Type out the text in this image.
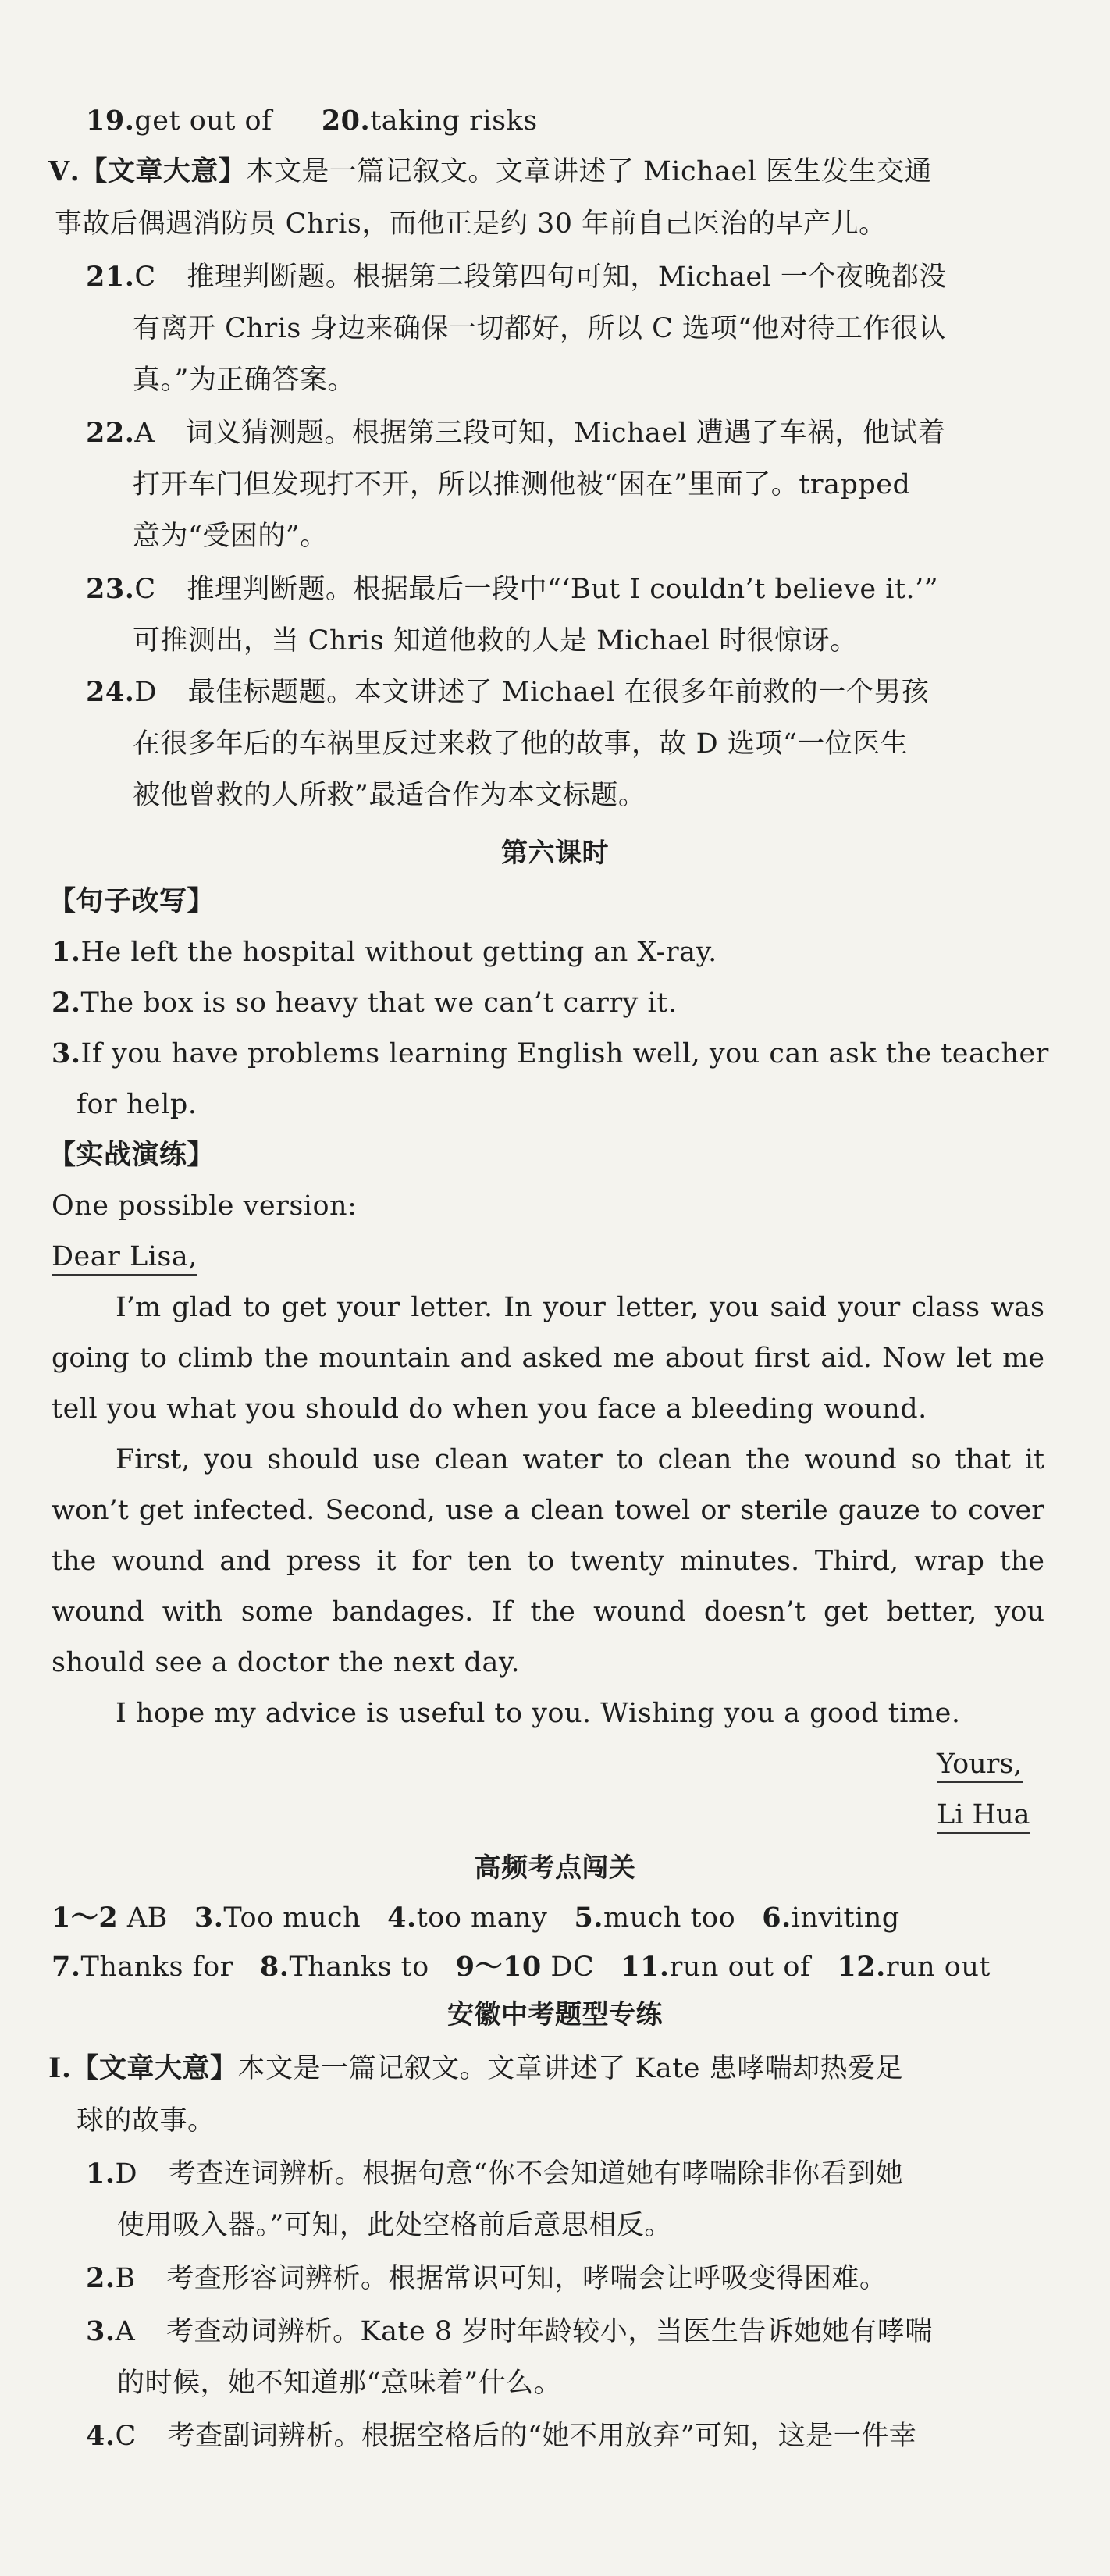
19.get out of 20.taking risks
Ⅴ.【文章大意】本文是一篇记叙文。文章讲述了 Michael 医生发生交通
事故后偶遇消防员 Chris，而他正是约 30 年前自己医治的早产儿。
21.C 推理判断题。根据第二段第四句可知，Michael 一个夜晚都没
有离开 Chris 身边来确保一切都好，所以 C 选项“他对待工作很认
真。”为正确答案。
22.A 词义猜测题。根据第三段可知，Michael 遭遇了车祸，他试着
打开车门但发现打不开，所以推测他被“困在”里面了。trapped
意为“受困的”。
23.C 推理判断题。根据最后一段中“‘But I couldn’t believe it.’”
可推测出，当 Chris 知道他救的人是 Michael 时很惊讶。
24.D 最佳标题题。本文讲述了 Michael 在很多年前救的一个男孩
在很多年后的车祸里反过来救了他的故事，故 D 选项“一位医生
被他曾救的人所救”最适合作为本文标题。
第六课时
【句子改写】
1.He left the hospital without getting an X-ray.
2.The box is so heavy that we can’t carry it.
3.If you have problems learning English well, you can ask the teacher
for help.
【实战演练】
One possible version:
Dear Lisa,
I’m glad to get your letter. In your letter, you said your class was
going to climb the mountain and asked me about first aid. Now let me
tell you what you should do when you face a bleeding wound.
First, you should use clean water to clean the wound so that it
won’t get infected. Second, use a clean towel or sterile gauze to cover
the wound and press it for ten to twenty minutes. Third, wrap the
wound with some bandages. If the wound doesn’t get better, you
should see a doctor the next day.
I hope my advice is useful to you. Wishing you a good time.
Yours,
Li Hua
高频考点闯关
1～2 AB 3.Too much 4.too many 5.much too 6.inviting
7.Thanks for 8.Thanks to 9～10 DC 11.run out of 12.run out
安徽中考题型专练
Ⅰ.【文章大意】本文是一篇记叙文。文章讲述了 Kate 患哮喘却热爱足
球的故事。
1.D 考查连词辨析。根据句意“你不会知道她有哮喘除非你看到她
使用吸入器。”可知，此处空格前后意思相反。
2.B 考查形容词辨析。根据常识可知，哮喘会让呼吸变得困难。
3.A 考查动词辨析。Kate 8 岁时年龄较小，当医生告诉她她有哮喘
的时候，她不知道那“意味着”什么。
4.C 考查副词辨析。根据空格后的“她不用放弃”可知，这是一件幸
